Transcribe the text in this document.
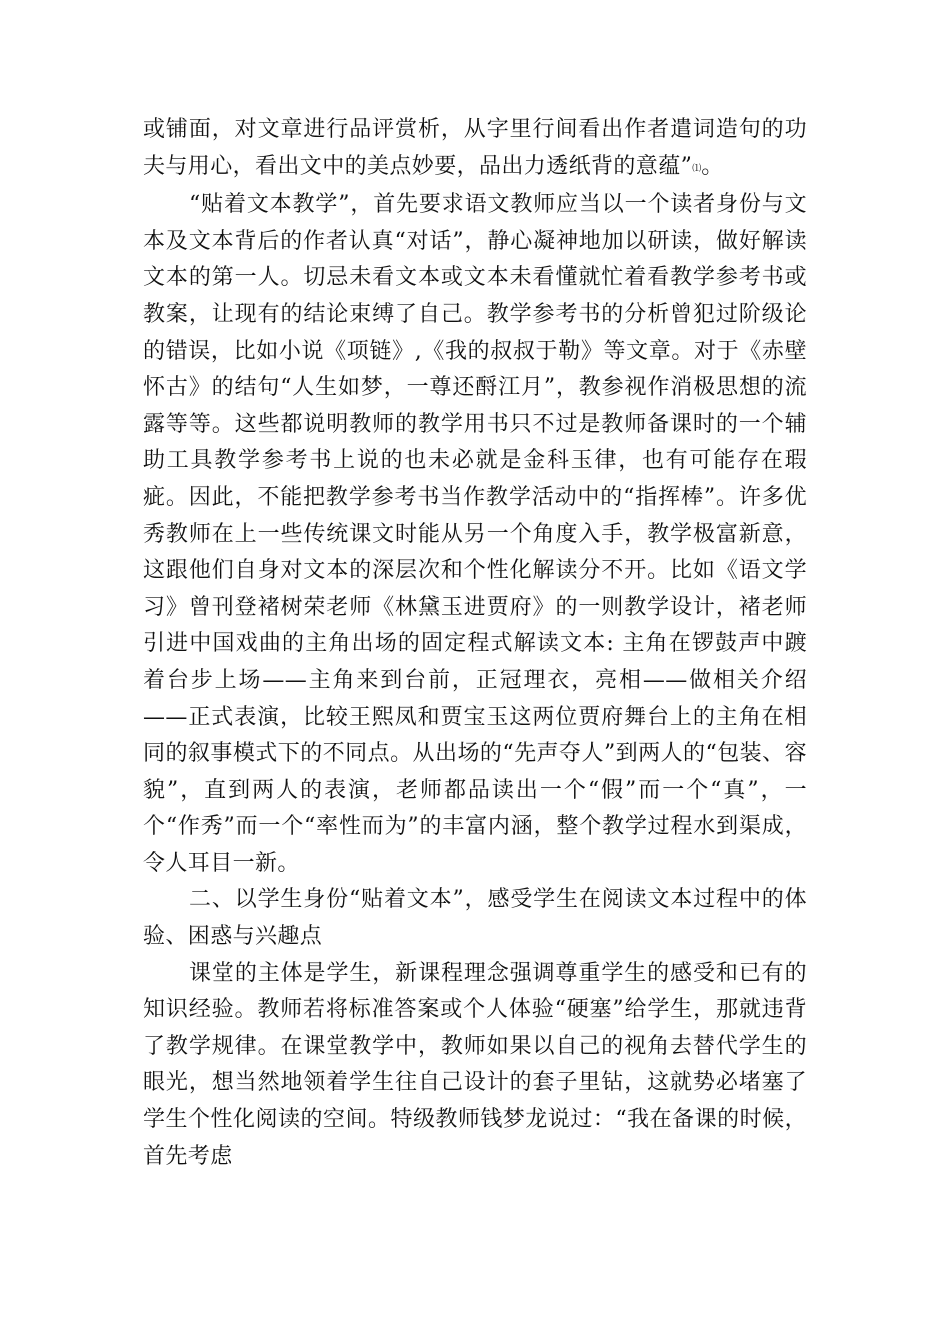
或铺面，对文章进行品评赏析，从字里行间看出作者遣词造句的功夫与用心，看出文中的美点妙要，品出力透纸背的意蕴”⑴。

“贴着文本教学”，首先要求语文教师应当以一个读者身份与文本及文本背后的作者认真“对话”，静心凝神地加以研读，做好解读文本的第一人。切忌未看文本或文本未看懂就忙着看教学参考书或教案，让现有的结论束缚了自己。教学参考书的分析曾犯过阶级论的错误，比如小说《项链》,《我的叔叔于勒》等文章。对于《赤壁怀古》的结句“人生如梦，一尊还酹江月”，教参视作消极思想的流露等等。这些都说明教师的教学用书只不过是教师备课时的一个辅助工具教学参考书上说的也未必就是金科玉律，也有可能存在瑕疵。因此，不能把教学参考书当作教学活动中的“指挥棒”。许多优秀教师在上一些传统课文时能从另一个角度入手，教学极富新意，这跟他们自身对文本的深层次和个性化解读分不开。比如《语文学习》曾刊登褚树荣老师《林黛玉进贾府》的一则教学设计，褚老师引进中国戏曲的主角出场的固定程式解读文本: 主角在锣鼓声中踱着台步上场——主角来到台前，正冠理衣，亮相——做相关介绍——正式表演，比较王熙凤和贾宝玉这两位贾府舞台上的主角在相同的叙事模式下的不同点。从出场的“先声夺人”到两人的“包装、容貌”，直到两人的表演，老师都品读出一个“假”而一个“真”，一个“作秀”而一个“率性而为”的丰富内涵，整个教学过程水到渠成，令人耳目一新。

二、以学生身份“贴着文本”，感受学生在阅读文本过程中的体验、困惑与兴趣点

课堂的主体是学生，新课程理念强调尊重学生的感受和已有的知识经验。教师若将标准答案或个人体验“硬塞”给学生，那就违背了教学规律。在课堂教学中，教师如果以自己的视角去替代学生的眼光，想当然地领着学生往自己设计的套子里钻，这就势必堵塞了学生个性化阅读的空间。特级教师钱梦龙说过：“我在备课的时候，首先考虑
